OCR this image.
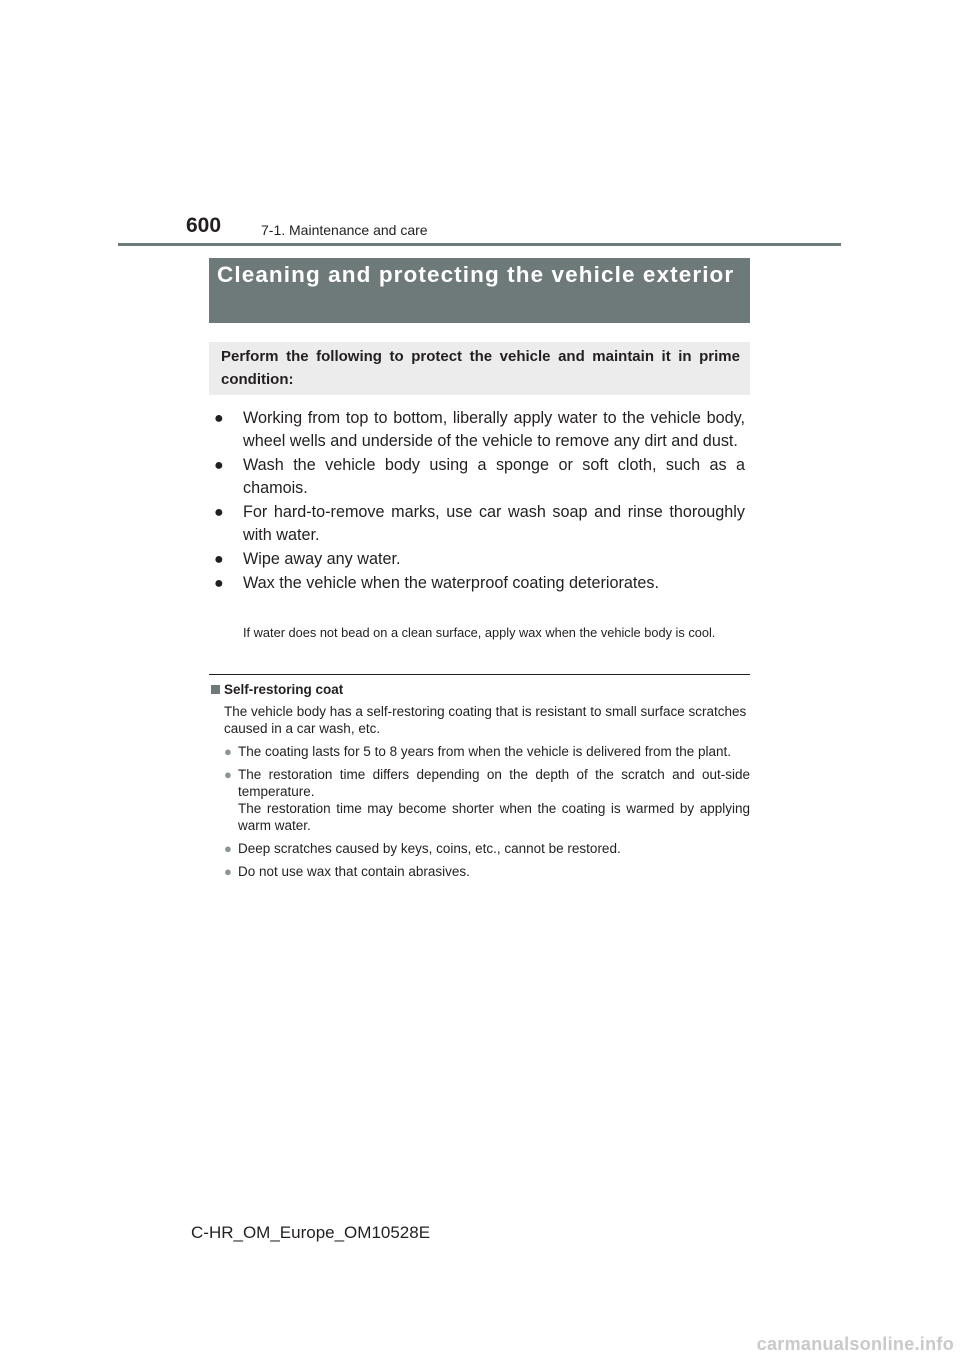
600	7-1. Maintenance and care
Cleaning and protecting the vehicle exterior

Perform the following to protect the vehicle and maintain it in prime condition:

● Working from top to bottom, liberally apply water to the vehicle body, wheel wells and underside of the vehicle to remove any dirt and dust.
● Wash the vehicle body using a sponge or soft cloth, such as a chamois.
● For hard-to-remove marks, use car wash soap and rinse thoroughly with water.
● Wipe away any water.
● Wax the vehicle when the waterproof coating deteriorates.

If water does not bead on a clean surface, apply wax when the vehicle body is cool.

Self-restoring coat

The vehicle body has a self-restoring coating that is resistant to small surface scratches caused in a car wash, etc.

● The coating lasts for 5 to 8 years from when the vehicle is delivered from the plant.
● The restoration time differs depending on the depth of the scratch and out-side temperature.
The restoration time may become shorter when the coating is warmed by applying warm water.
● Deep scratches caused by keys, coins, etc., cannot be restored.
● Do not use wax that contain abrasives.
C-HR_OM_Europe_OM10528E
carmanualsonline.info
